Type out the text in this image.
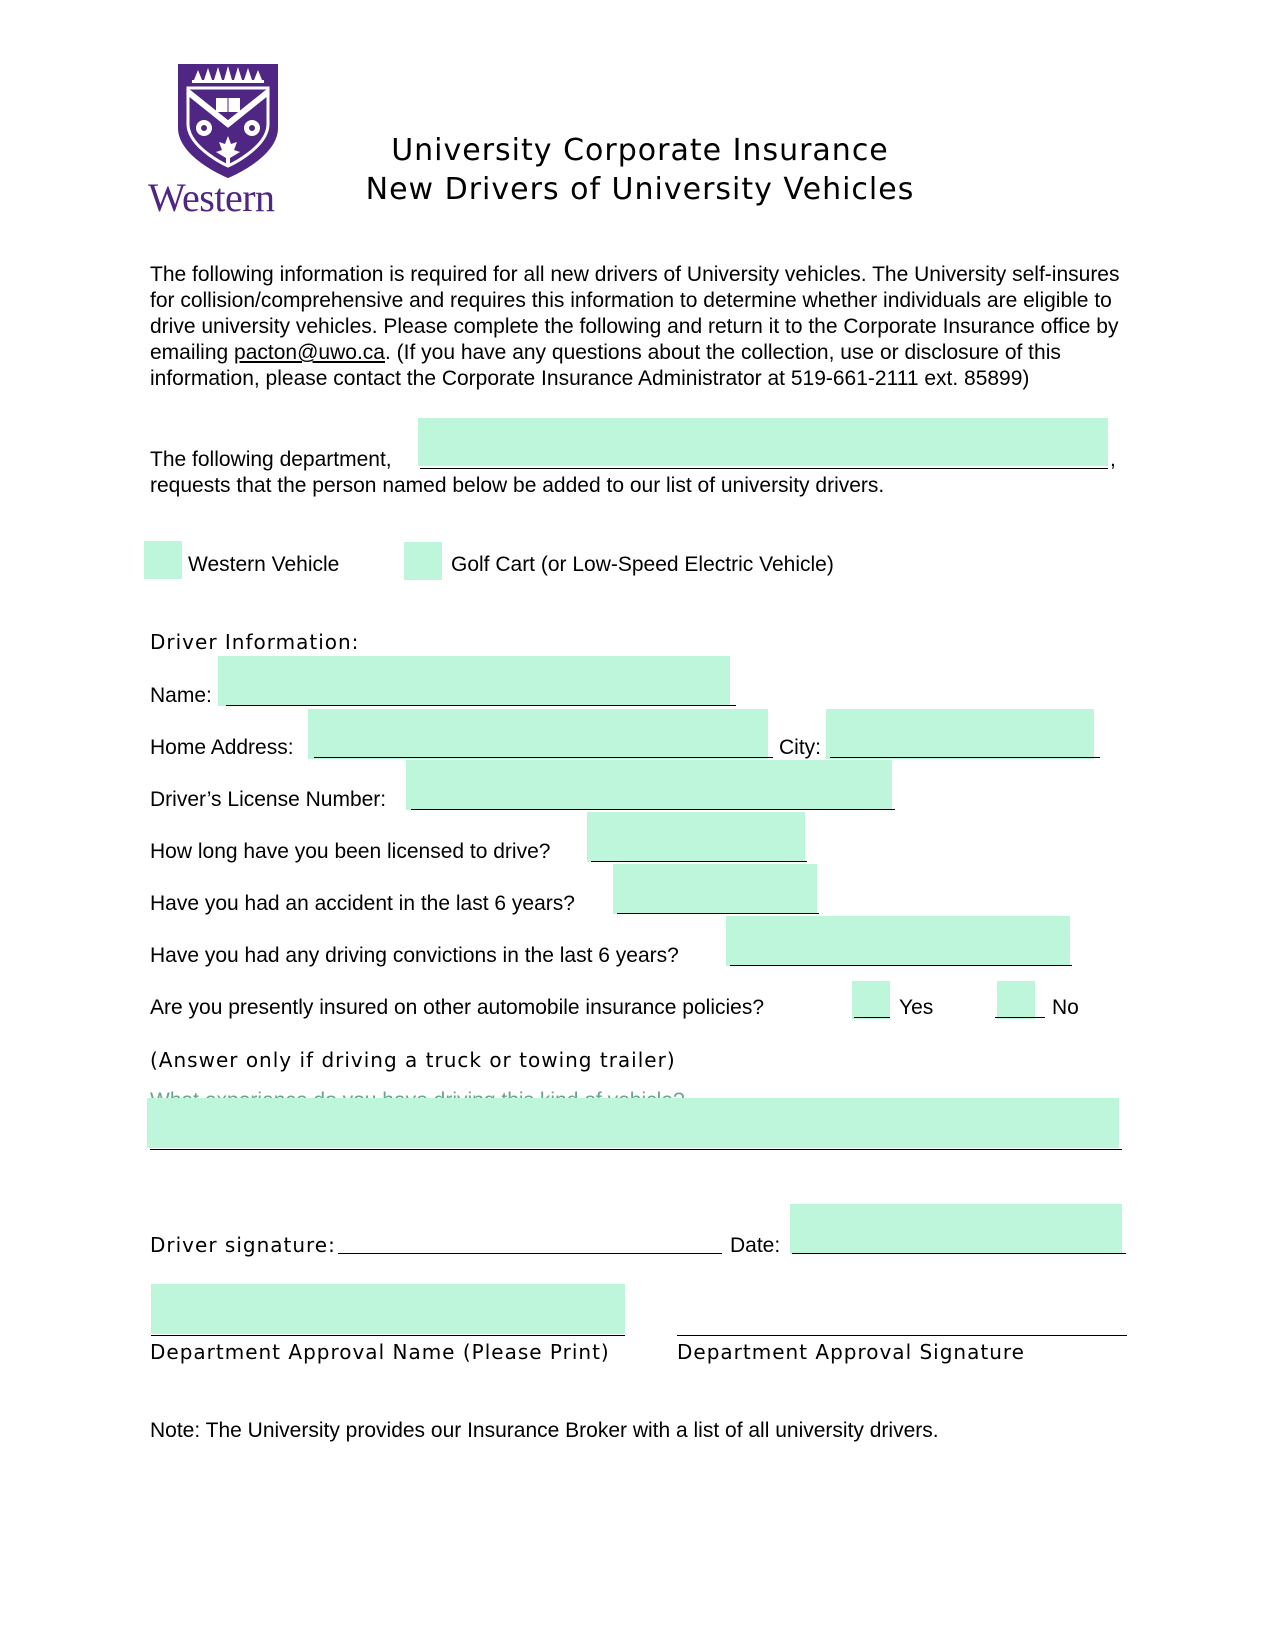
Western
University Corporate Insurance
New Drivers of University Vehicles
The following information is required for all new drivers of University vehicles. The University self-insures for collision/comprehensive and requires this information to determine whether individuals are eligible to drive university vehicles. Please complete the following and return it to the Corporate Insurance office by emailing pacton@uwo.ca. (If you have any questions about the collection, use or disclosure of this information, please contact the Corporate Insurance Administrator at 519-661-2111 ext. 85899)
The following department,	,
requests that the person named below be added to our list of university drivers.
Western Vehicle	Golf Cart (or Low-Speed Electric Vehicle)
Driver Information:
Name:
Home Address:	City:
Driver’s License Number:
How long have you been licensed to drive?
Have you had an accident in the last 6 years?
Have you had any driving convictions in the last 6 years?
Are you presently insured on other automobile insurance policies?	Yes	No
(Answer only if driving a truck or towing trailer)
Driver signature:	Date:
Department Approval Name (Please Print)	Department Approval Signature
Note: The University provides our Insurance Broker with a list of all university drivers.
